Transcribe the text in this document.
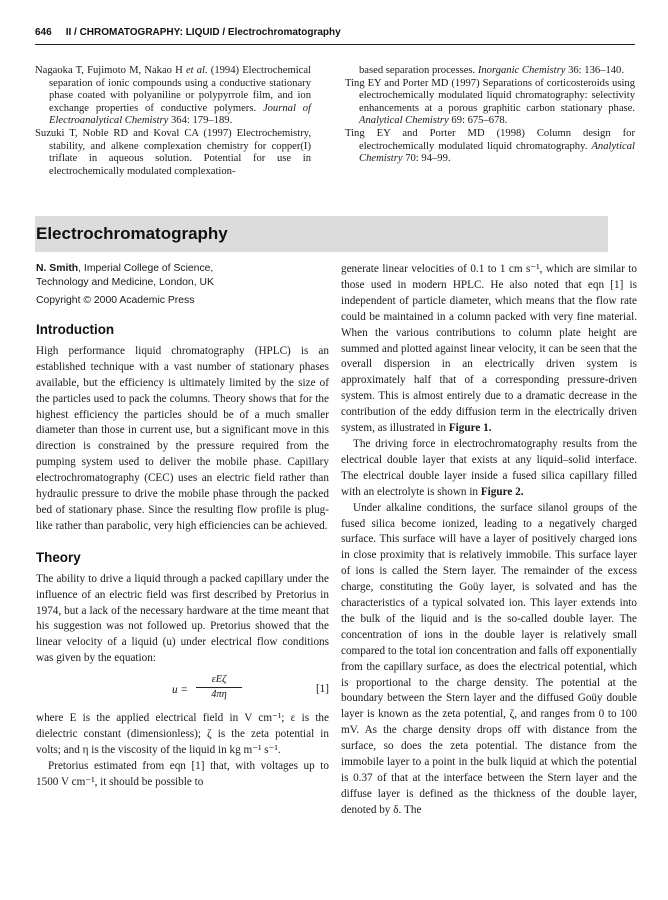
646 II / CHROMATOGRAPHY: LIQUID / Electrochromatography

Nagaoka T, Fujimoto M, Nakao H et al. (1994) Electrochemical separation of ionic compounds using a conductive stationary phase coated with polyaniline or polypyrrole film, and ion exchange properties of conductive polymers. Journal of Electroanalytical Chemistry 364: 179–189.

Suzuki T, Noble RD and Koval CA (1997) Electrochemistry, stability, and alkene complexation chemistry for copper(I) triflate in aqueous solution. Potential for use in electrochemically modulated complexation-

based separation processes. Inorganic Chemistry 36: 136–140.

Ting EY and Porter MD (1997) Separations of corticosteroids using electrochemically modulated liquid chromatography: selectivity enhancements at a porous graphitic carbon stationary phase. Analytical Chemistry 69: 675–678.

Ting EY and Porter MD (1998) Column design for electrochemically modulated liquid chromatography. Analytical Chemistry 70: 94–99.

Electrochromatography
N. Smith, Imperial College of Science,
Technology and Medicine, London, UK
Copyright © 2000 Academic Press
Introduction

High performance liquid chromatography (HPLC) is an established technique with a vast number of stationary phases available, but the efficiency is ultimately limited by the size of the particles used to pack the columns. Theory shows that for the highest efficiency the particles should be of a much smaller diameter than those in current use, but a significant move in this direction is constrained by the pressure required from the pumping system used to deliver the mobile phase. Capillary electrochromatography (CEC) uses an electric field rather than hydraulic pressure to drive the mobile phase through the packed bed of stationary phase. Since the resulting flow profile is plug-like rather than parabolic, very high efficiencies can be achieved.

Theory

The ability to drive a liquid through a packed capillary under the influence of an electric field was first described by Pretorius in 1974, but a lack of the necessary hardware at the time meant that his suggestion was not followed up. Pretorius showed that the linear velocity of a liquid (u) under electrical flow conditions was given by the equation:

u =
εEζ
4πη	[1]

where E is the applied electrical field in V cm⁻¹; ε is the dielectric constant (dimensionless); ζ is the zeta potential in volts; and η is the viscosity of the liquid in kg m⁻¹ s⁻¹.

Pretorius estimated from eqn [1] that, with voltages up to 1500 V cm⁻¹, it should be possible to

generate linear velocities of 0.1 to 1 cm s⁻¹, which are similar to those used in modern HPLC. He also noted that eqn [1] is independent of particle diameter, which means that the flow rate could be maintained in a column packed with very fine material. When the various contributions to column plate height are summed and plotted against linear velocity, it can be seen that the overall dispersion in an electrically driven system is approximately half that of a corresponding pressure-driven system. This is almost entirely due to a dramatic decrease in the contribution of the eddy diffusion term in the electrically driven system, as illustrated in Figure 1.

The driving force in electrochromatography results from the electrical double layer that exists at any liquid–solid interface. The electrical double layer inside a fused silica capillary filled with an electrolyte is shown in Figure 2.

Under alkaline conditions, the surface silanol groups of the fused silica become ionized, leading to a negatively charged surface. This surface will have a layer of positively charged ions in close proximity that is relatively immobile. This surface layer of ions is called the Stern layer. The remainder of the excess charge, constituting the Goüy layer, is solvated and has the characteristics of a typical solvated ion. This layer extends into the bulk of the liquid and is the so-called double layer. The concentration of ions in the double layer is relatively small compared to the total ion concentration and falls off exponentially from the capillary surface, as does the electrical potential, which is proportional to the charge density. The potential at the boundary between the Stern layer and the diffused Goüy double layer is known as the zeta potential, ζ, and ranges from 0 to 100 mV. As the charge density drops off with distance from the surface, so does the zeta potential. The distance from the immobile layer to a point in the bulk liquid at which the potential is 0.37 of that at the interface between the Stern layer and the diffuse layer is defined as the thickness of the double layer, denoted by δ. The
